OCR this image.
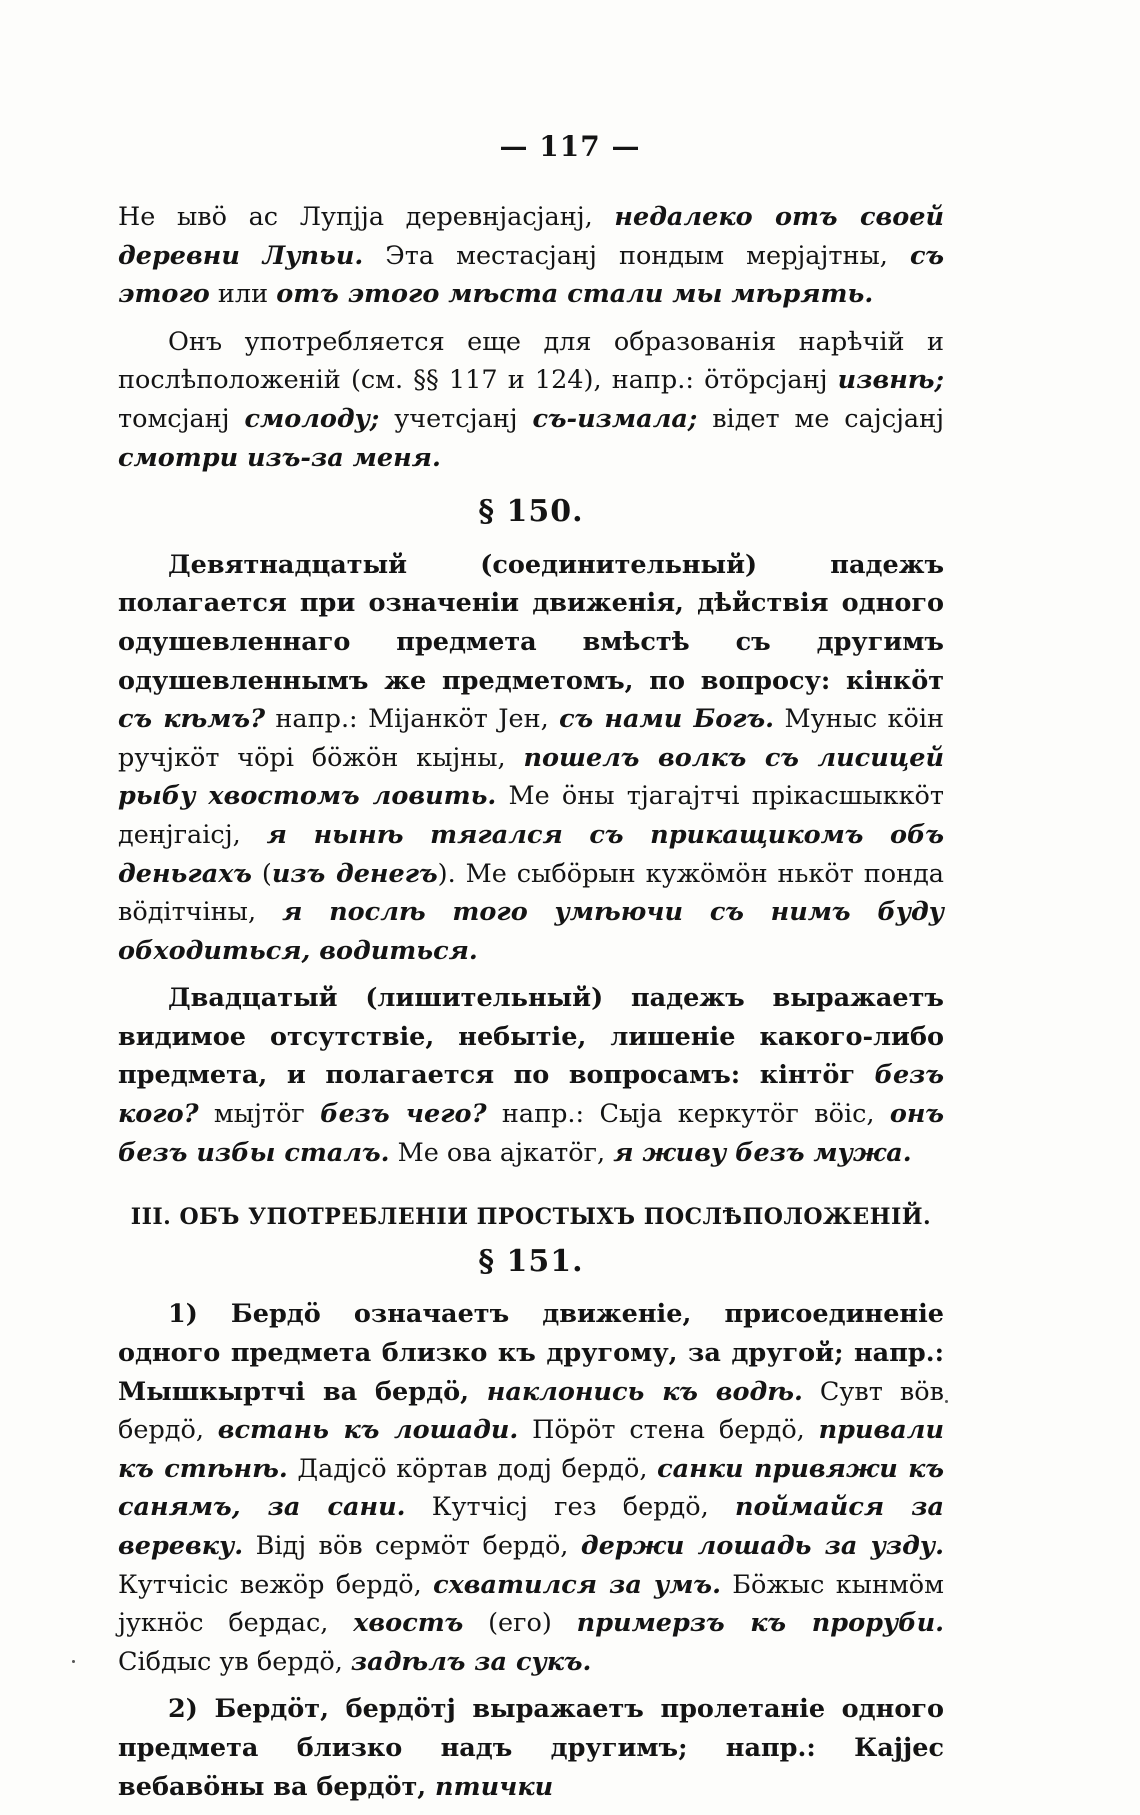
— 117 —

Не ывӧ ас Лупјја деревнјасјанј, недалеко отъ своей деревни Лупьи. Эта местасјанј пондым мерјајтны, съ этого или отъ этого мѣста стали мы мѣрять.

Онъ употребляется еще для образованія нарѣчій и послѣположеній (см. §§ 117 и 124), напр.: ӧтӧрсјанј извнѣ; томсјанј смолоду; учетсјанј съ-измала; вiдет ме сајсјанј смотри изъ-за меня.

§ 150.

Девятнадцатый (соединительный) падежъ полагается при означеніи движенія, дѣйствія одного одушевленнаго предмета вмѣстѣ съ другимъ одушевленнымъ же предметомъ, по вопросу: кiнкӧт съ кѣмъ? напр.: Мiјанкӧт Јен, съ нами Богъ. Муныс кӧiн ручјкӧт чӧрi бӧжӧн кыјны, пошелъ волкъ съ лисицей рыбу хвостомъ ловить. Ме ӧны тјагајтчi прiкасшыккӧт денјгаiсј, я нынѣ тягался съ прикащикомъ объ деньгахъ (изъ денегъ). Ме сыбӧрын кужӧмӧн нькӧт понда вӧдiтчiны, я послѣ того умѣючи съ нимъ буду обходиться, водиться.

Двадцатый (лишительный) падежъ выражаетъ видимое отсутствіе, небытіе, лишеніе какого-либо предмета, и полагается по вопросамъ: кiнтӧг безъ кого? мыјтӧг безъ чего? напр.: Сыја керкутӧг вӧiс, онъ безъ избы сталъ. Ме ова ајкатӧг, я живу безъ мужа.

III. ОБЪ УПОТРЕБЛЕНІИ ПРОСТЫХЪ ПОСЛѢПОЛОЖЕНІЙ.
§ 151.

1) Бердӧ означаетъ движеніе, присоединеніе одного предмета близко къ другому, за другой; напр.: Мышкыртчi ва бердӧ, наклонись къ водѣ. Сувт вӧв бердӧ, встань къ лошади. Пӧрӧт стена бердӧ, привали къ стѣнѣ. Дадјсӧ кӧртав додј бердӧ, санки привяжи къ санямъ, за сани. Кутчiсј гез бердӧ, поймайся за веревку. Вiдј вӧв сермӧт бердӧ, держи лошадь за узду. Кутчiсiс вежӧр бердӧ, схватился за умъ. Бӧжыс кынмӧм јукнӧс бердас, хвостъ (его) примерзъ къ проруби. Сiбдыс ув бердӧ, задѣлъ за сукъ.

2) Бердӧт, бердӧтј выражаетъ пролетаніе одного предмета близко надъ другимъ; напр.: Кајјес вебавӧны ва бердӧт, птички
